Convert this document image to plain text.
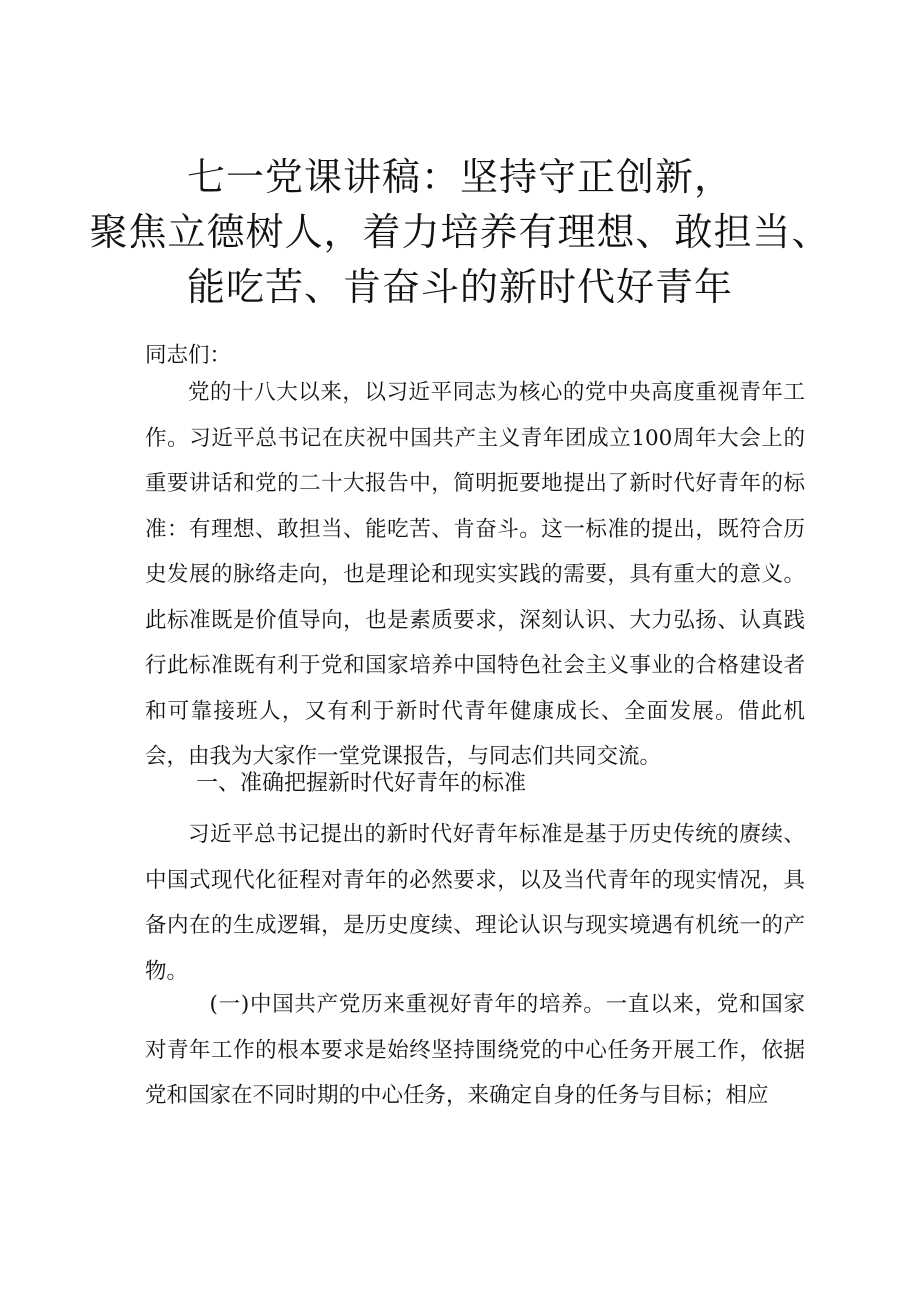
七一党课讲稿：坚持守正创新，
聚焦立德树人，着力培养有理想、敢担当、
能吃苦、肯奋斗的新时代好青年
同志们：
党的十八大以来，以习近平同志为核心的党中央高度重视青年工作。习近平总书记在庆祝中国共产主义青年团成立100周年大会上的重要讲话和党的二十大报告中，简明扼要地提出了新时代好青年的标准：有理想、敢担当、能吃苦、肯奋斗。这一标准的提出，既符合历史发展的脉络走向，也是理论和现实实践的需要，具有重大的意义。此标准既是价值导向，也是素质要求，深刻认识、大力弘扬、认真践行此标准既有利于党和国家培养中国特色社会主义事业的合格建设者和可靠接班人，又有利于新时代青年健康成长、全面发展。借此机会，由我为大家作一堂党课报告，与同志们共同交流。
一、准确把握新时代好青年的标准
习近平总书记提出的新时代好青年标准是基于历史传统的赓续、中国式现代化征程对青年的必然要求，以及当代青年的现实情况，具备内在的生成逻辑，是历史度续、理论认识与现实境遇有机统一的产物。
(一)中国共产党历来重视好青年的培养。一直以来，党和国家对青年工作的根本要求是始终坚持围绕党的中心任务开展工作，依据党和国家在不同时期的中心任务，来确定自身的任务与目标；相应
